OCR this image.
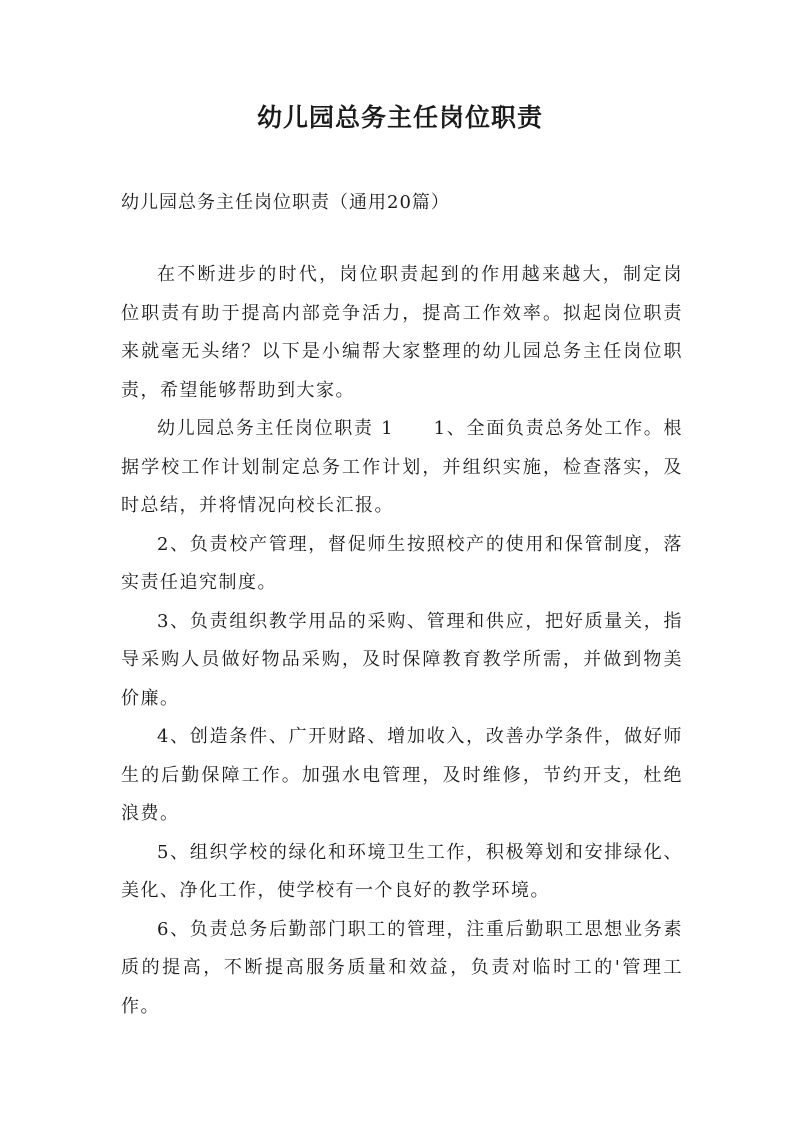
幼儿园总务主任岗位职责

幼儿园总务主任岗位职责（通用20篇）

在不断进步的时代，岗位职责起到的作用越来越大，制定岗位职责有助于提高内部竞争活力，提高工作效率。拟起岗位职责来就毫无头绪？以下是小编帮大家整理的幼儿园总务主任岗位职责，希望能够帮助到大家。

幼儿园总务主任岗位职责 1　　1、全面负责总务处工作。根据学校工作计划制定总务工作计划，并组织实施，检查落实，及时总结，并将情况向校长汇报。

2、负责校产管理，督促师生按照校产的使用和保管制度，落实责任追究制度。

3、负责组织教学用品的采购、管理和供应，把好质量关，指导采购人员做好物品采购，及时保障教育教学所需，并做到物美价廉。

4、创造条件、广开财路、增加收入，改善办学条件，做好师生的后勤保障工作。加强水电管理，及时维修，节约开支，杜绝浪费。

5、组织学校的绿化和环境卫生工作，积极筹划和安排绿化、美化、净化工作，使学校有一个良好的教学环境。

6、负责总务后勤部门职工的管理，注重后勤职工思想业务素质的提高，不断提高服务质量和效益，负责对临时工的'管理工作。
